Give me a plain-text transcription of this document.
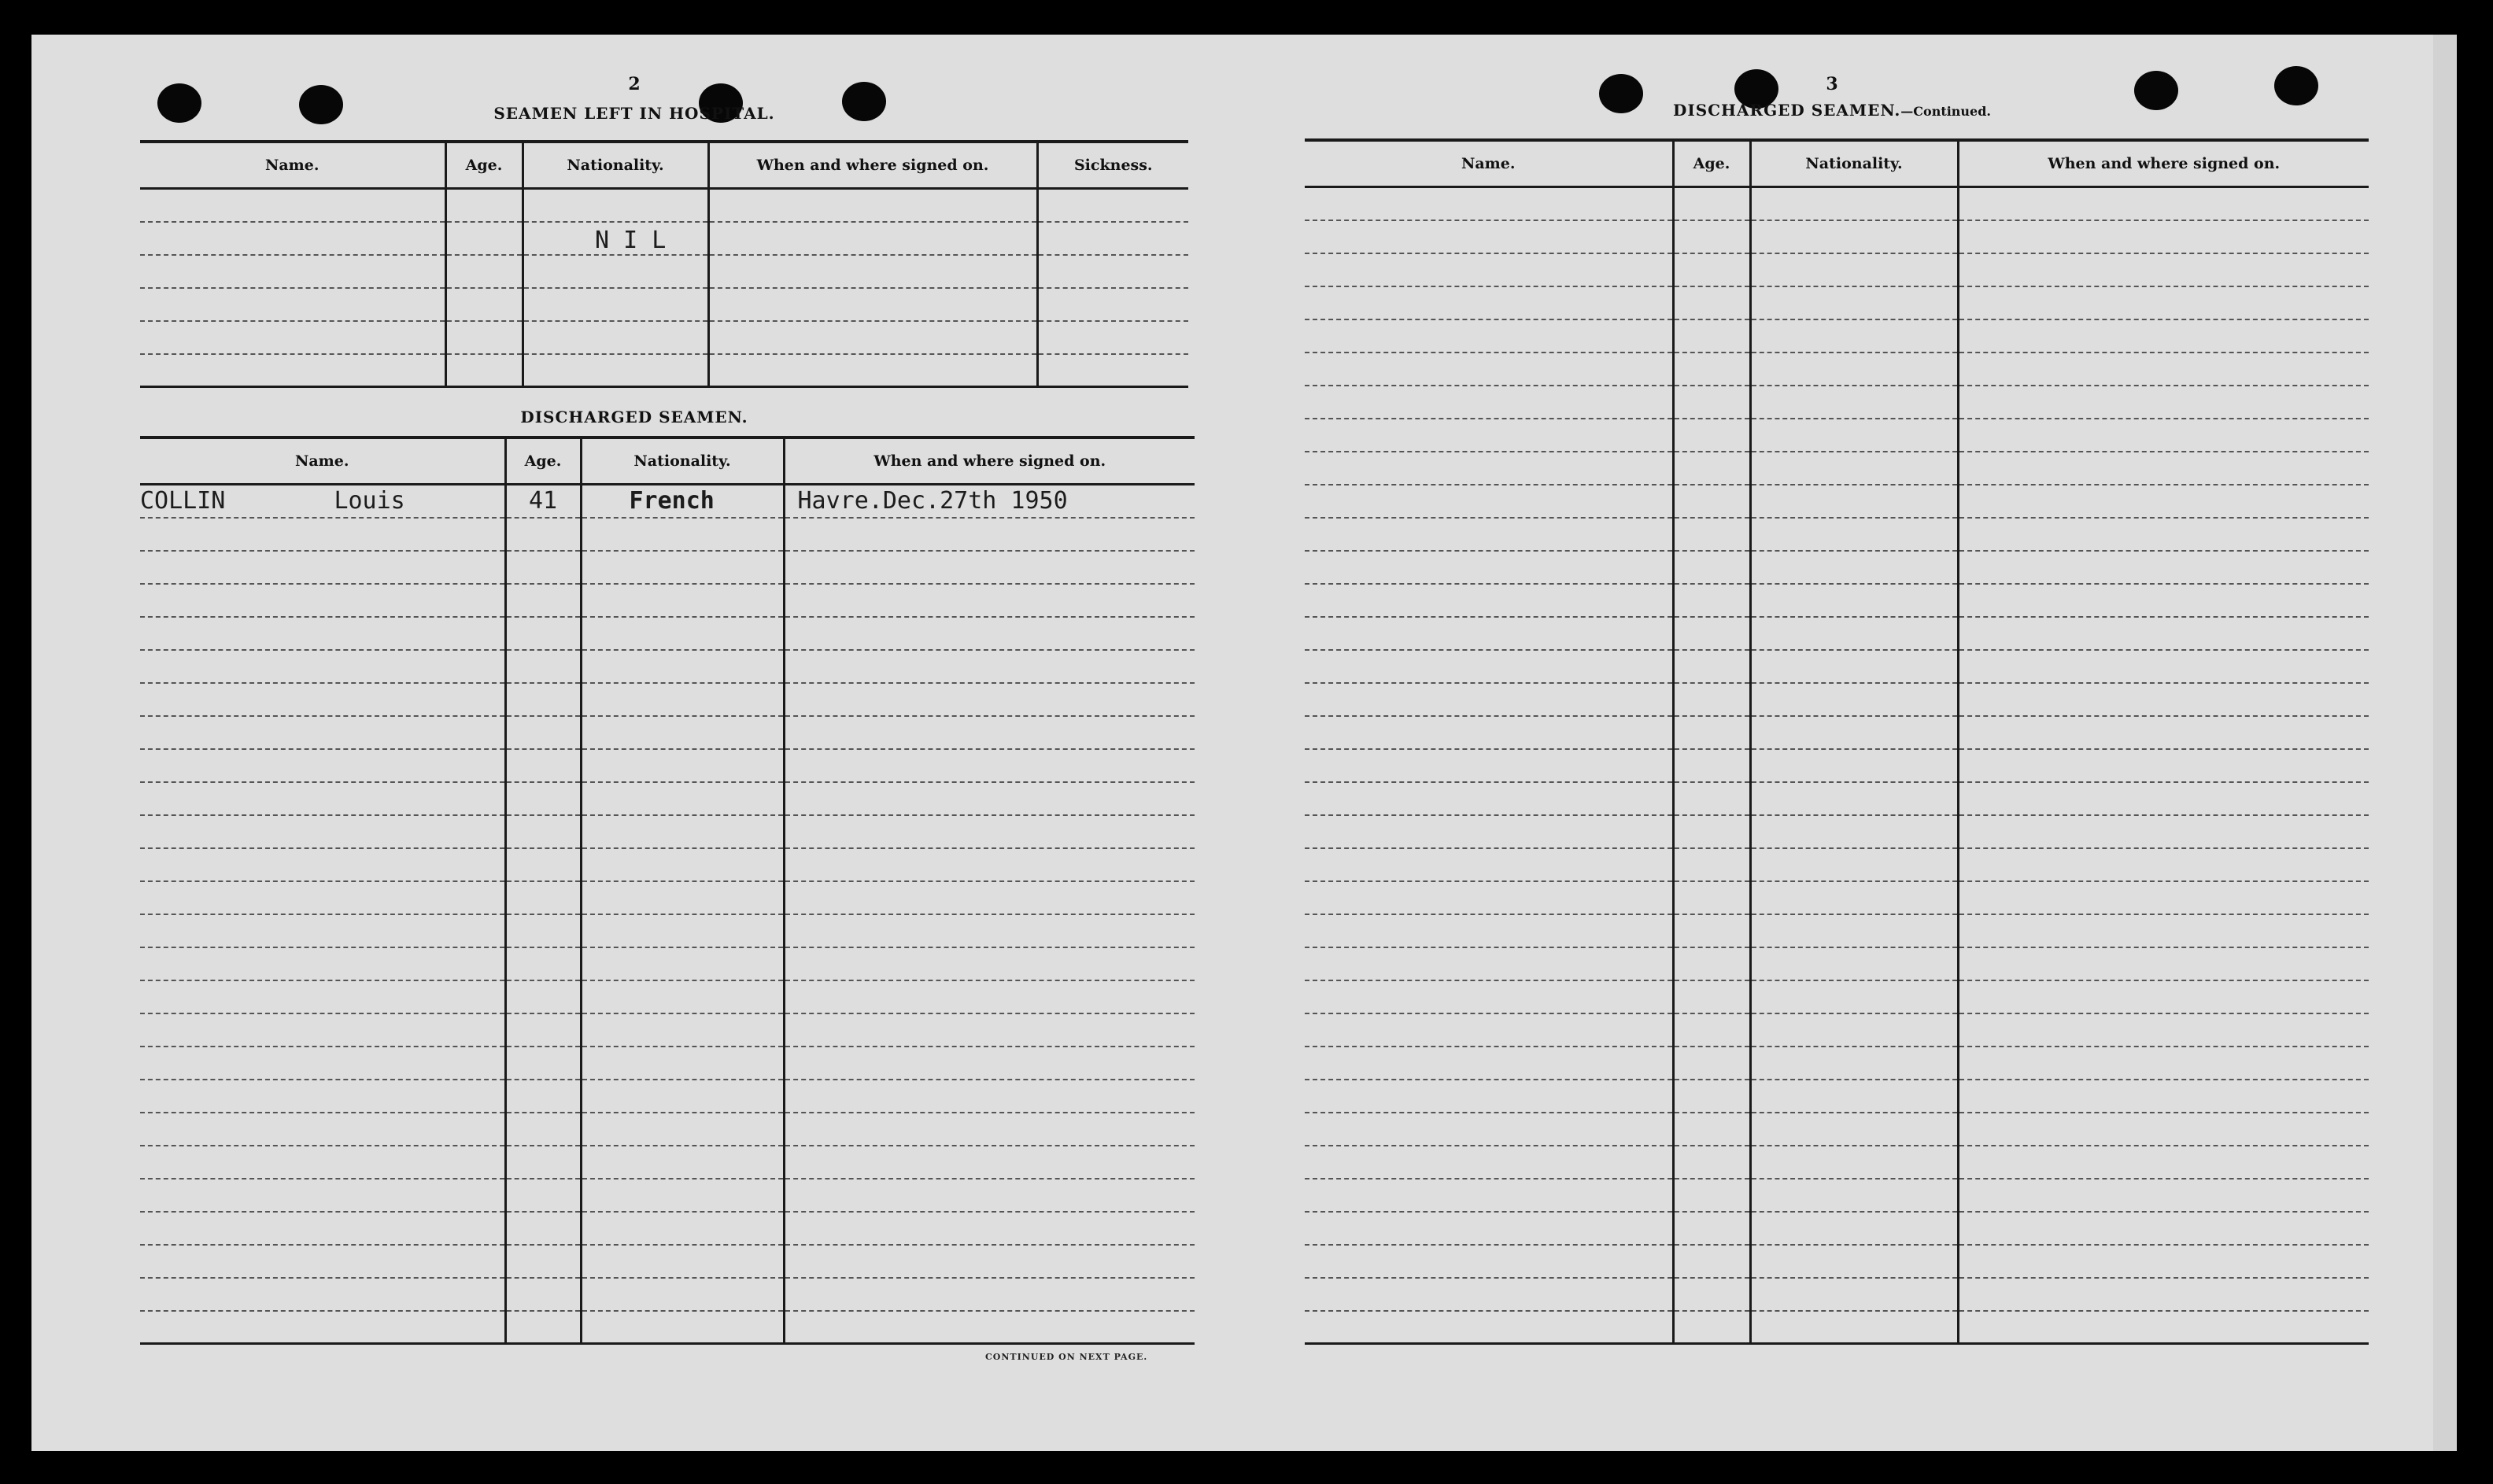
2
SEAMEN LEFT IN HOSPITAL.
Name.	Age.	Nationality.	When and where signed on.	Sickness.

N I L
DISCHARGED SEAMEN.
Name.	Age.	Nationality.	When and where signed on.
COLLIN Louis	41	French	Havre.Dec.27th 1950

CONTINUED ON NEXT PAGE.
3
DISCHARGED SEAMEN.—Continued.
Name.	Age.	Nationality.	When and where signed on.
